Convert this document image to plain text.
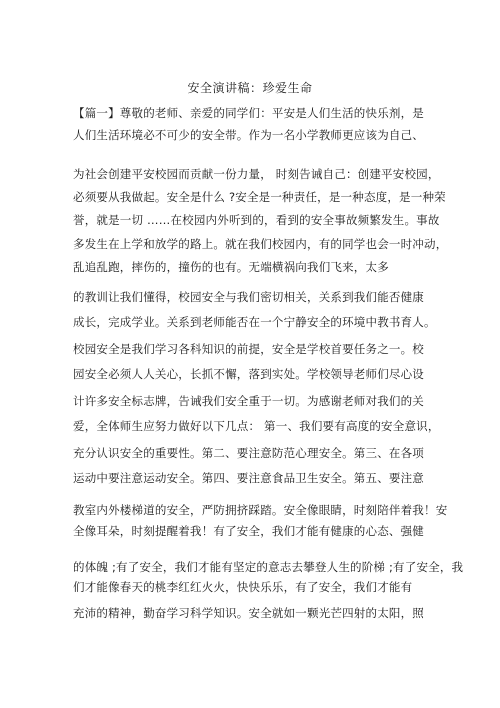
安全演讲稿：珍爱生命
【篇一】尊敬的老师、亲爱的同学们：平安是人们生活的快乐剂，是
人们生活环境必不可少的安全带。作为一名小学教师更应该为自己、
为社会创建平安校园而贡献一份力量， 时刻告诫自己：创建平安校园，
必须要从我做起。安全是什么 ?安全是一种责任，是一种态度，是一种荣
誉，就是一切 ……在校园内外听到的，看到的安全事故频繁发生。事故
多发生在上学和放学的路上。就在我们校园内，有的同学也会一时冲动，
乱追乱跑，摔伤的，撞伤的也有。无端横祸向我们飞来，太多
的教训让我们懂得，校园安全与我们密切相关，关系到我们能否健康
成长，完成学业。关系到老师能否在一个宁静安全的环境中教书育人。
校园安全是我们学习各科知识的前提，安全是学校首要任务之一。校
园安全必须人人关心，长抓不懈，落到实处。学校领导老师们尽心设
计许多安全标志牌，告诫我们安全重于一切。为感谢老师对我们的关
爱，全体师生应努力做好以下几点： 第一、我们要有高度的安全意识，
充分认识安全的重要性。第二、要注意防范心理安全。第三、在各项
运动中要注意运动安全。第四、要注意食品卫生安全。第五、要注意
教室内外楼梯道的安全，严防拥挤踩踏。安全像眼睛，时刻陪伴着我！安
全像耳朵，时刻提醒着我！有了安全，我们才能有健康的心态、强健
的体魄 ;有了安全，我们才能有坚定的意志去攀登人生的阶梯 ;有了安全，我
们才能像春天的桃李红红火火，快快乐乐，有了安全，我们才能有
充沛的精神，勤奋学习科学知识。安全就如一颗光芒四射的太阳，照
